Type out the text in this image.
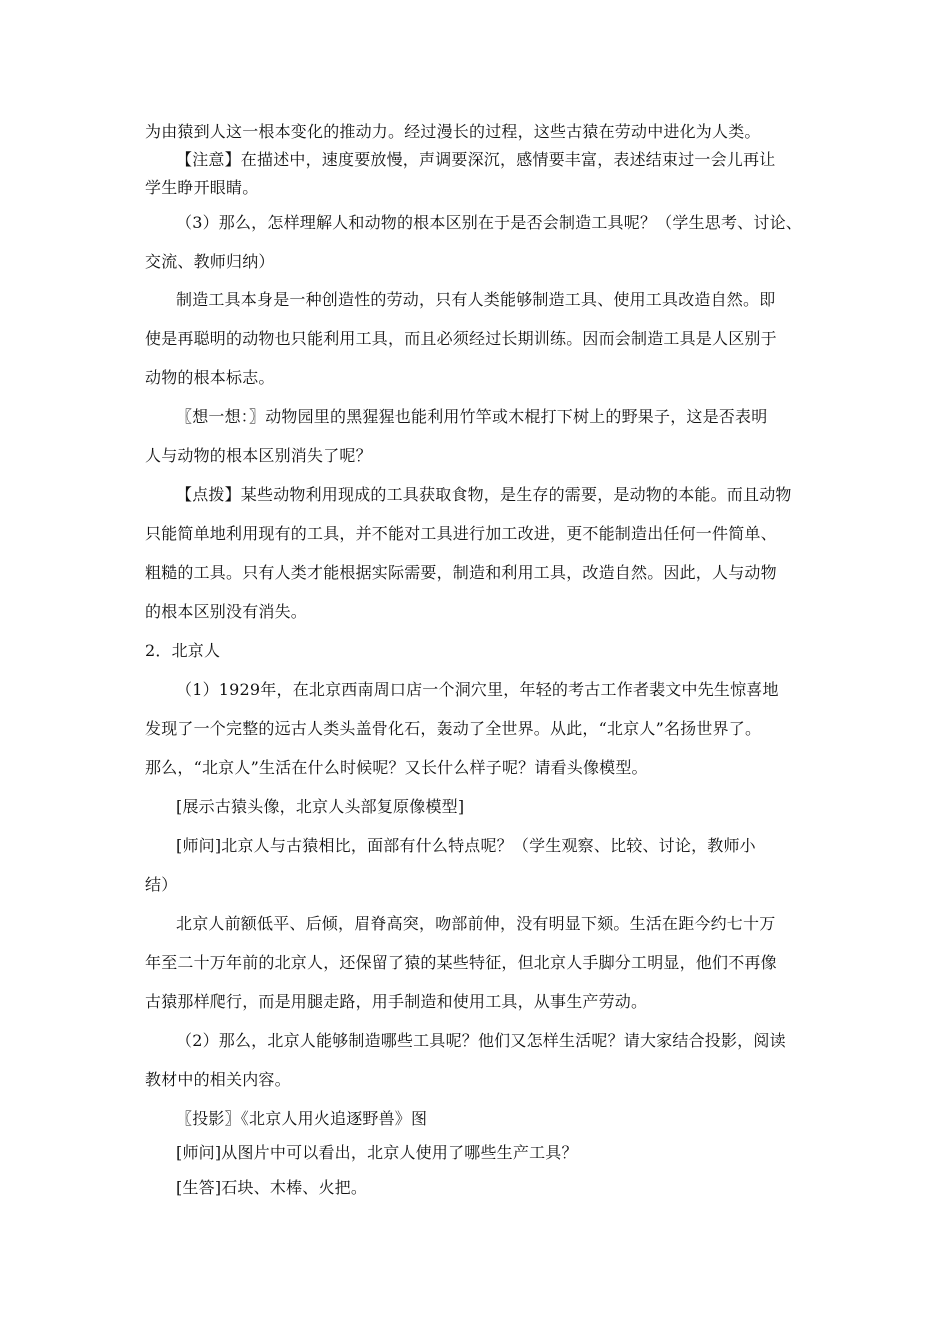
为由猿到人这一根本变化的推动力。经过漫长的过程，这些古猿在劳动中进化为人类。
【注意】在描述中，速度要放慢，声调要深沉，感情要丰富，表述结束过一会儿再让
学生睁开眼睛。
（3）那么，怎样理解人和动物的根本区别在于是否会制造工具呢？（学生思考、讨论、
交流、教师归纳）
制造工具本身是一种创造性的劳动，只有人类能够制造工具、使用工具改造自然。即
使是再聪明的动物也只能利用工具，而且必须经过长期训练。因而会制造工具是人区别于
动物的根本标志。
〖想一想：〗动物园里的黑猩猩也能利用竹竿或木棍打下树上的野果子，这是否表明
人与动物的根本区别消失了呢？
【点拨】某些动物利用现成的工具获取食物，是生存的需要，是动物的本能。而且动物
只能简单地利用现有的工具，并不能对工具进行加工改进，更不能制造出任何一件简单、
粗糙的工具。只有人类才能根据实际需要，制造和利用工具，改造自然。因此，人与动物
的根本区别没有消失。
2．北京人
（1）1929年，在北京西南周口店一个洞穴里，年轻的考古工作者裴文中先生惊喜地
发现了一个完整的远古人类头盖骨化石，轰动了全世界。从此，“北京人”名扬世界了。
那么，“北京人”生活在什么时候呢？又长什么样子呢？请看头像模型。
[展示古猿头像，北京人头部复原像模型]
[师问]北京人与古猿相比，面部有什么特点呢？（学生观察、比较、讨论，教师小
结）
北京人前额低平、后倾，眉脊高突，吻部前伸，没有明显下颏。生活在距今约七十万
年至二十万年前的北京人，还保留了猿的某些特征，但北京人手脚分工明显，他们不再像
古猿那样爬行，而是用腿走路，用手制造和使用工具，从事生产劳动。
（2）那么，北京人能够制造哪些工具呢？他们又怎样生活呢？请大家结合投影，阅读
教材中的相关内容。
〖投影〗《北京人用火追逐野兽》图
[师问]从图片中可以看出，北京人使用了哪些生产工具？
[生答]石块、木棒、火把。
